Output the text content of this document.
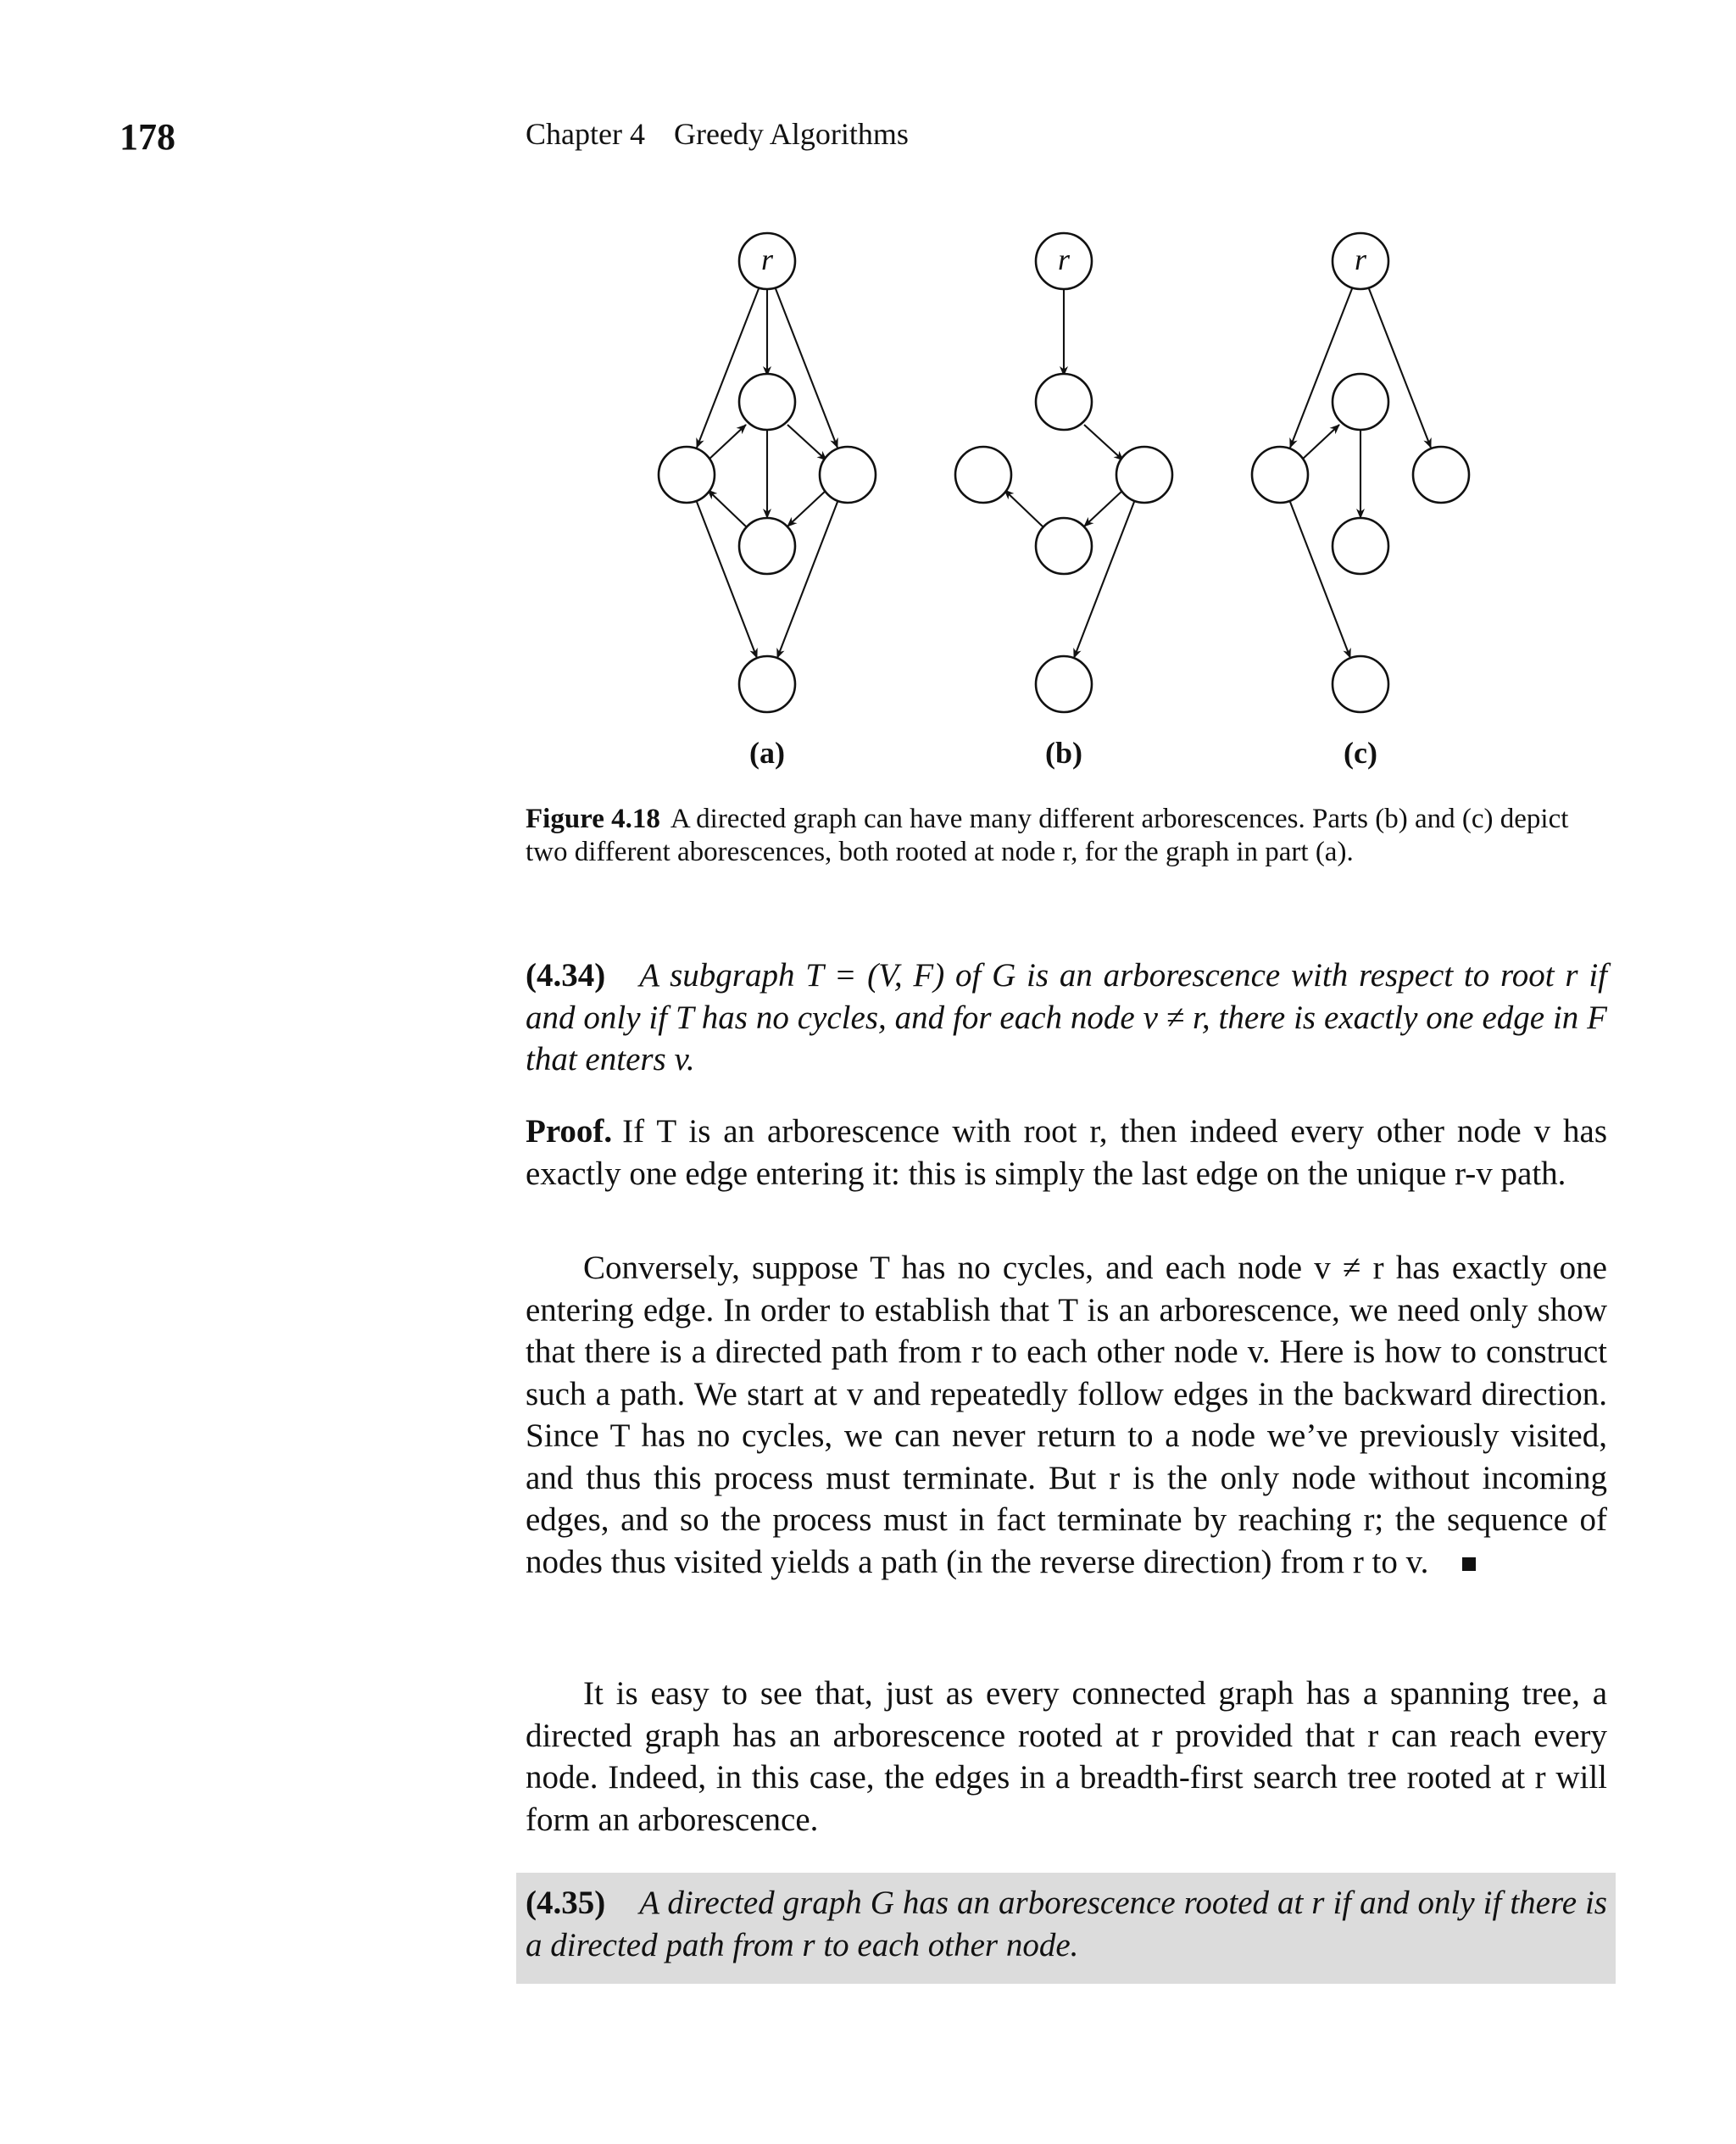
178	Chapter 4 Greedy Algorithms
r
(a)
r
(b)
r
(c)
Figure 4.18 A directed graph can have many different arborescences. Parts (b) and (c) depict two different aborescences, both rooted at node r, for the graph in part (a).
(4.34) A subgraph T = (V, F) of G is an arborescence with respect to root r if and only if T has no cycles, and for each node v ≠ r, there is exactly one edge in F that enters v.
Proof. If T is an arborescence with root r, then indeed every other node v has exactly one edge entering it: this is simply the last edge on the unique r-v path.
Conversely, suppose T has no cycles, and each node v ≠ r has exactly one entering edge. In order to establish that T is an arborescence, we need only show that there is a directed path from r to each other node v. Here is how to construct such a path. We start at v and repeatedly follow edges in the backward direction. Since T has no cycles, we can never return to a node we’ve previously visited, and thus this process must terminate. But r is the only node without incoming edges, and so the process must in fact terminate by reaching r; the sequence of nodes thus visited yields a path (in the reverse direction) from r to v.
It is easy to see that, just as every connected graph has a spanning tree, a directed graph has an arborescence rooted at r provided that r can reach every node. Indeed, in this case, the edges in a breadth-first search tree rooted at r will form an arborescence.
(4.35) A directed graph G has an arborescence rooted at r if and only if there is a directed path from r to each other node.
